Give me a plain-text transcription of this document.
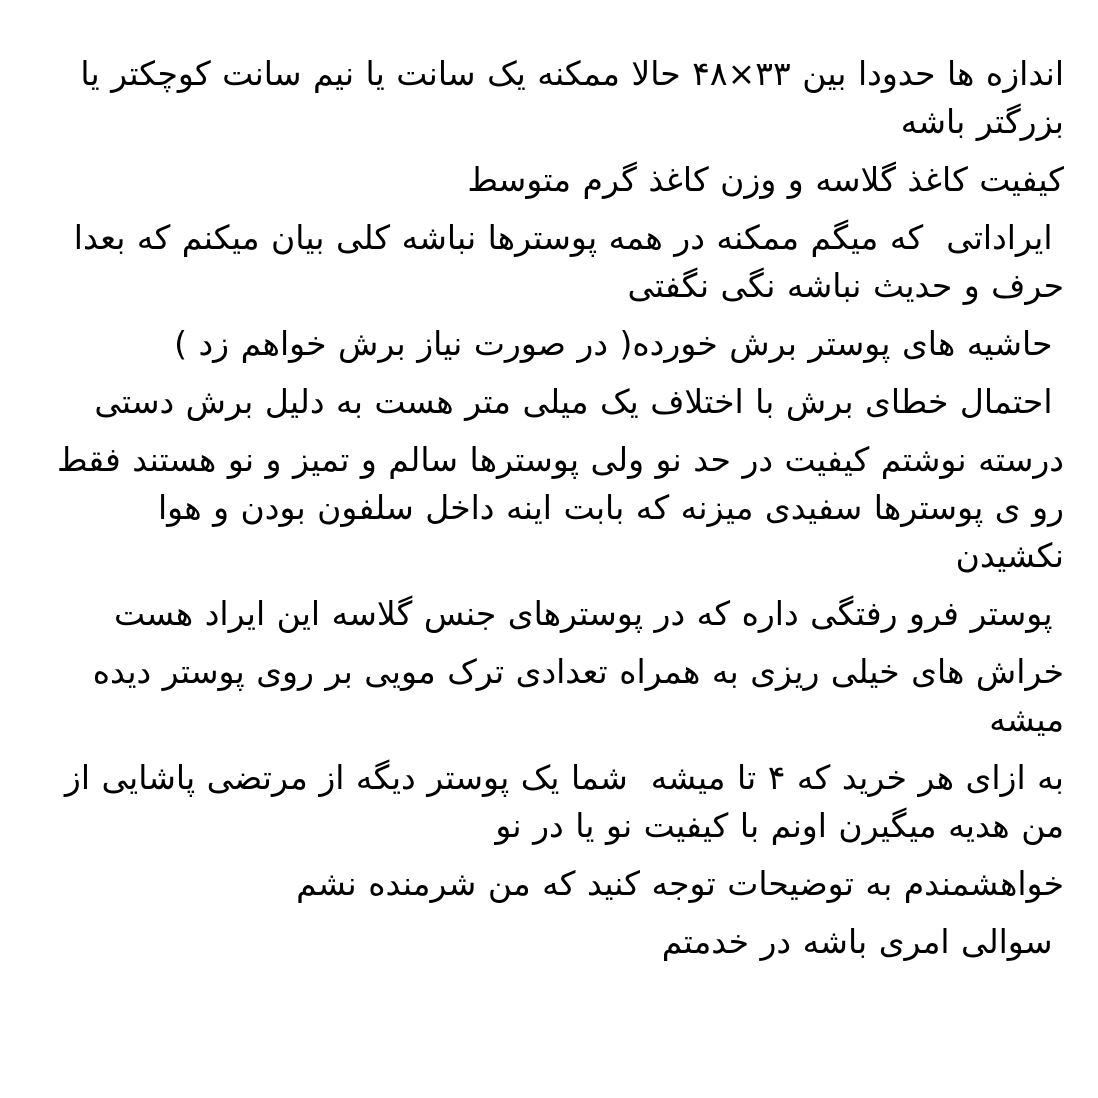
اندازه ها حدودا بین ۳۳×۴۸ حالا ممکنه یک سانت یا نیم سانت کوچکتر یا بزرگتر باشه

کیفیت کاغذ گلاسه و وزن کاغذ گرم متوسط

ایراداتی  که میگم ممکنه در همه پوسترها نباشه کلی بیان میکنم که بعدا حرف و حدیث نباشه نگی نگفتی

حاشیه های پوستر برش خورده( در صورت نیاز برش خواهم زد )

احتمال خطای برش با اختلاف یک میلی متر هست به دلیل برش دستی

درسته نوشتم کیفیت در حد نو ولی پوسترها سالم و تمیز و نو هستند فقط رو ی پوسترها سفیدی میزنه که بابت اینه داخل سلفون بودن و هوا نکشیدن

پوستر فرو رفتگی داره که در پوسترهای جنس گلاسه این ایراد هست

خراش های خیلی ریزی به همراه تعدادی ترک مویی بر روی پوستر دیده میشه

به ازای هر خرید که ۴ تا میشه  شما یک پوستر دیگه از مرتضی پاشایی از من هدیه میگیرن اونم با کیفیت نو یا در نو

خواهشمندم به توضیحات توجه کنید که من شرمنده نشم

سوالی امری باشه در خدمتم
